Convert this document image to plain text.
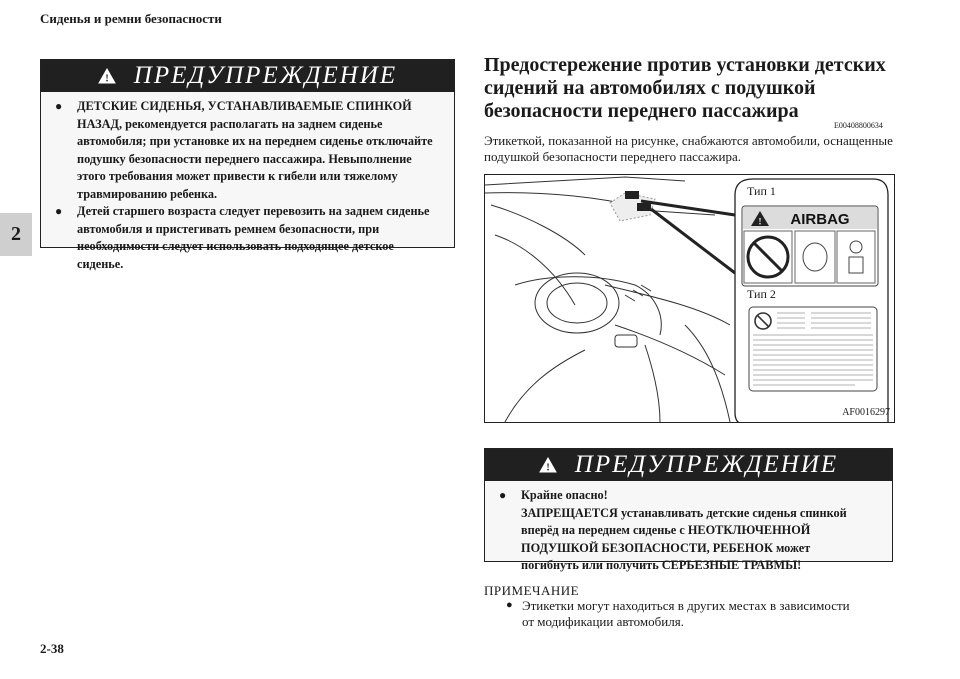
Сиденья и ремни безопасности
2
! ПРЕДУПРЕЖДЕНИЕ
●	ДЕТСКИЕ СИДЕНЬЯ, УСТАНАВЛИВАЕМЫЕ СПИНКОЙ
НАЗАД, рекомендуется располагать на заднем сиденье
автомобиля; при установке их на переднем сиденье отключайте
подушку безопасности переднего пассажира. Невыполнение
этого требования может привести к гибели или тяжелому
травмированию ребенка.
●	Детей старшего возраста следует перевозить на заднем сиденье
автомобиля и пристегивать ремнем безопасности, при
необходимости следует использовать подходящее детское
сиденье.
Предостережение против установки детских сидений на автомобилях с подушкой безопасности переднего пассажира
E00408800634
Этикеткой, показанной на рисунке, снабжаются автомобили, оснащенные подушкой безопасности переднего пассажира.
! AIRBAG
Тип 1
Тип 2
AF0016297
! ПРЕДУПРЕЖДЕНИЕ
●	Крайне опасно!
ЗАПРЕЩАЕТСЯ устанавливать детские сиденья спинкой
вперёд на переднем сиденье с НЕОТКЛЮЧЕННОЙ
ПОДУШКОЙ БЕЗОПАСНОСТИ, РЕБЕНОК может
погибнуть или получить СЕРЬЕЗНЫЕ ТРАВМЫ!
ПРИМЕЧАНИЕ
● Этикетки могут находиться в других местах в зависимости
от модификации автомобиля.
2-38
